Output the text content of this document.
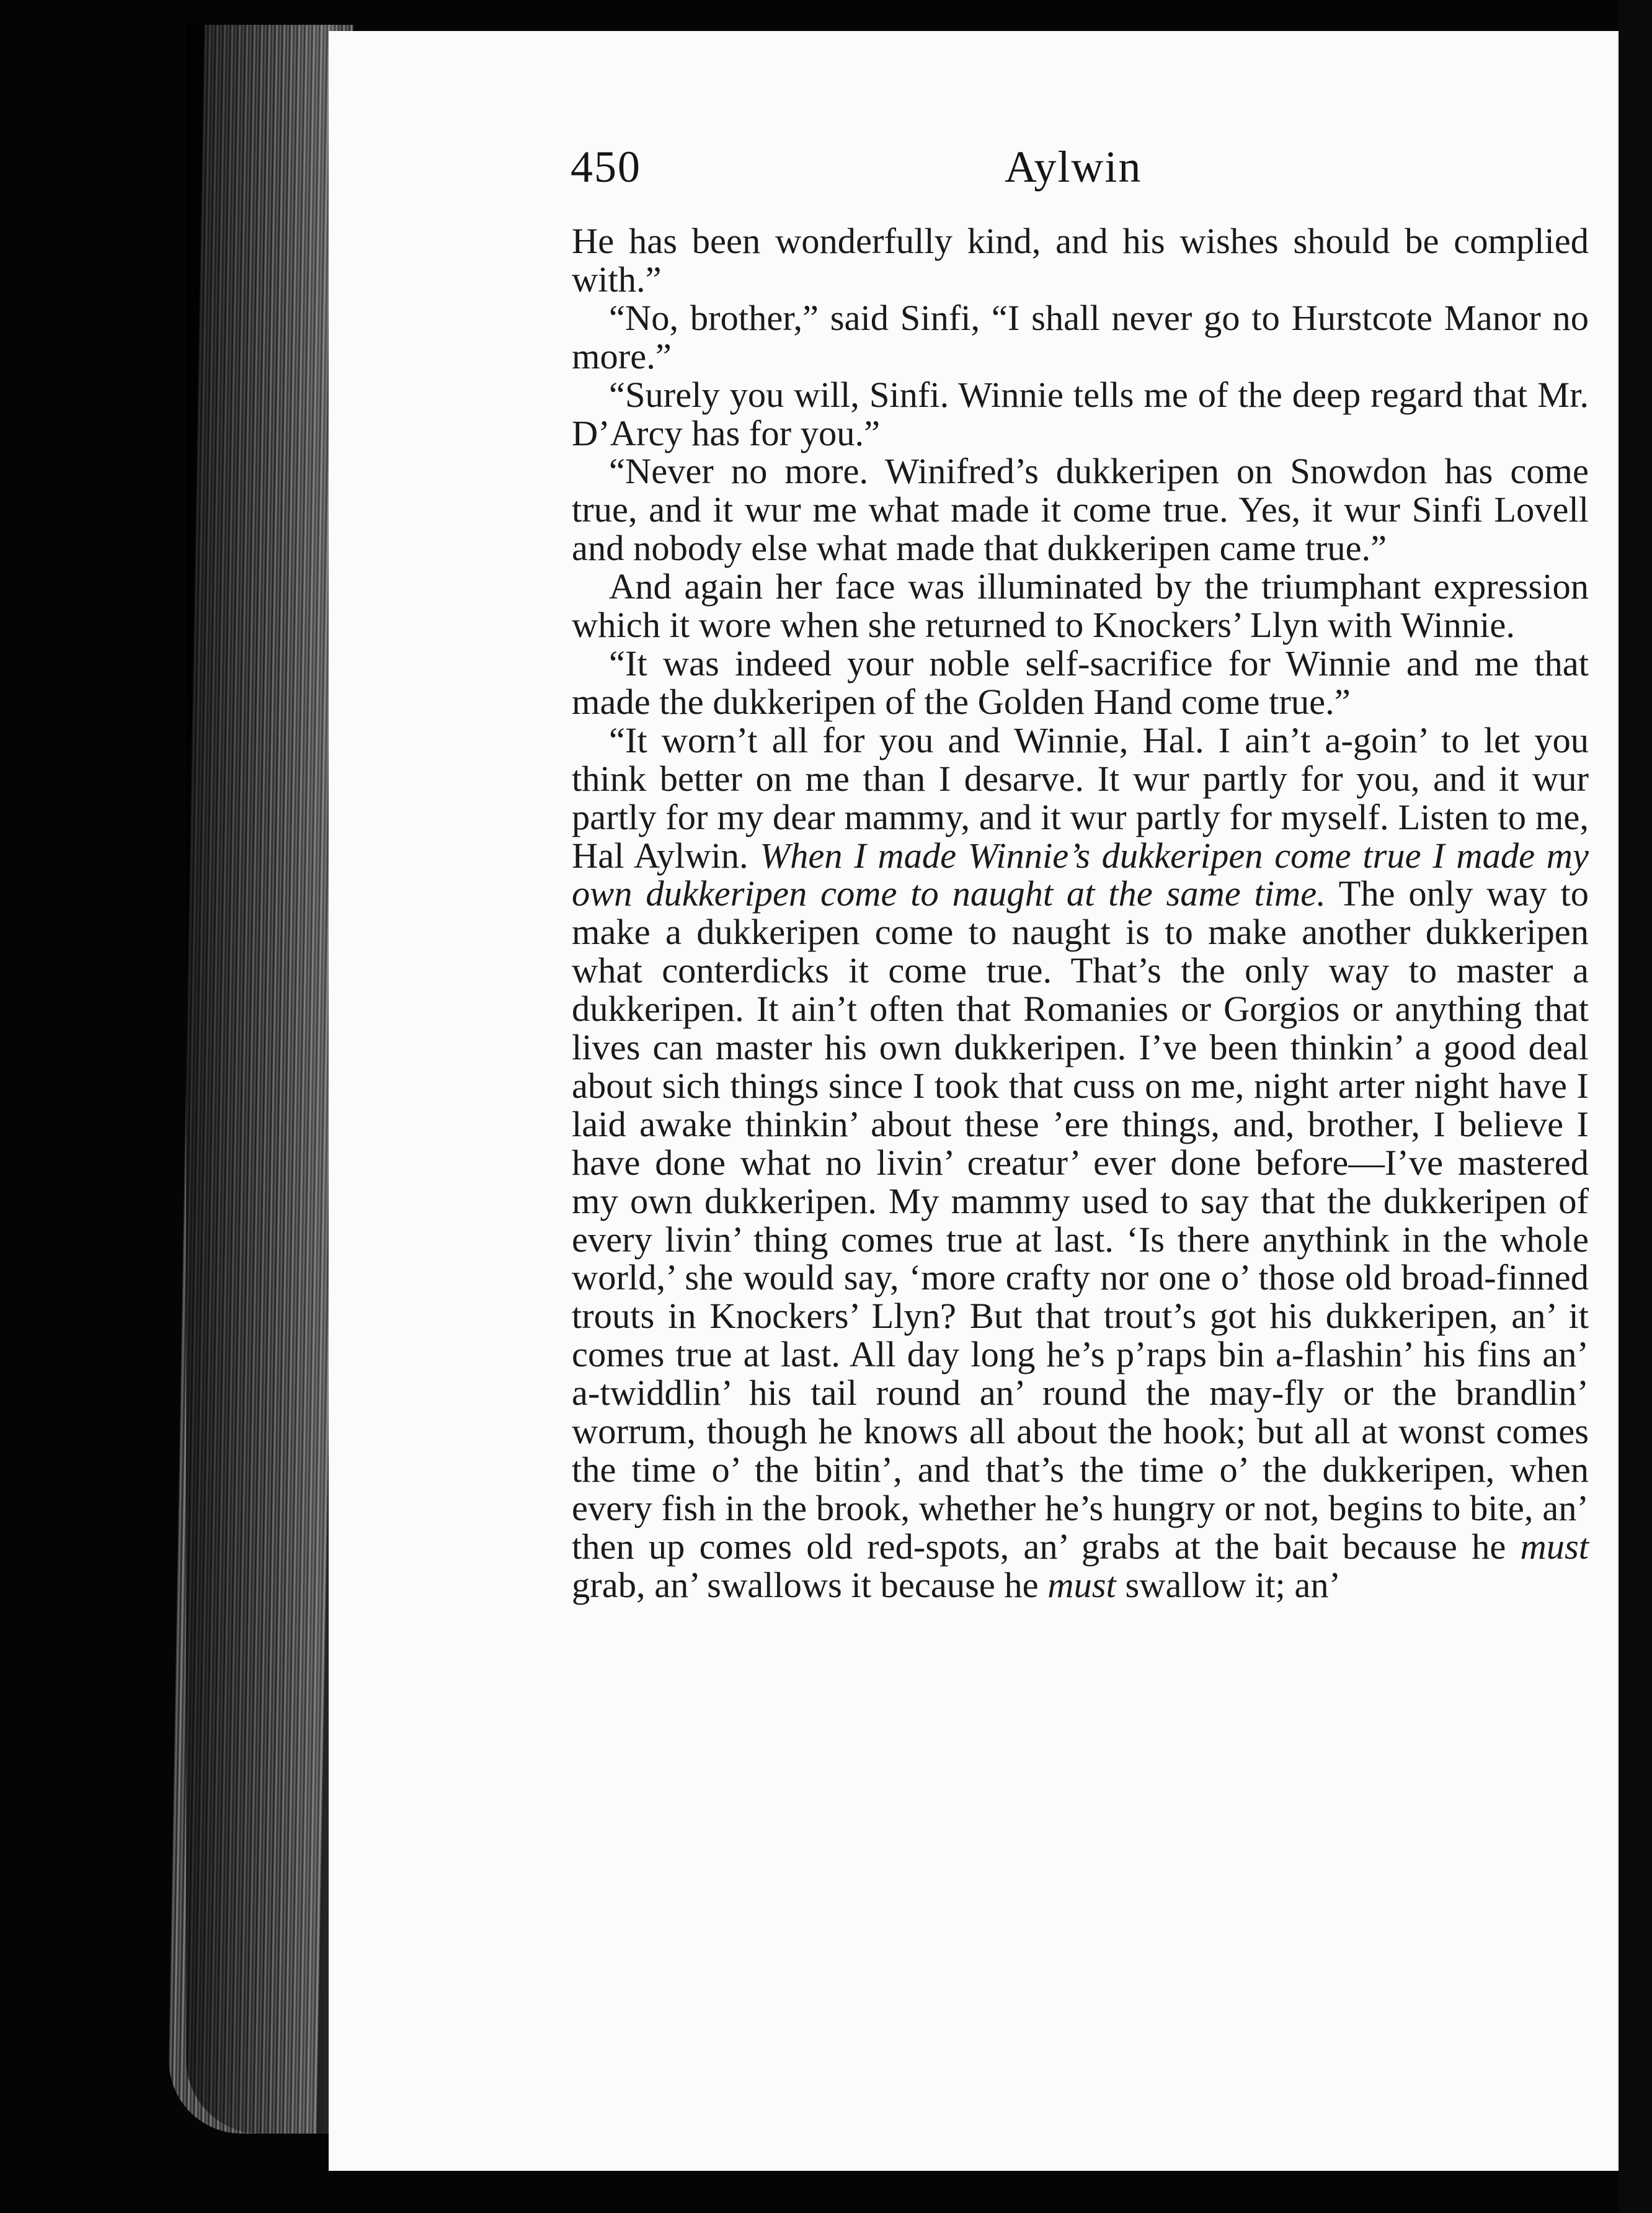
450	Aylwin

He has been wonderfully kind, and his wishes should be complied with.”

“No, brother,” said Sinfi, “I shall never go to Hurstcote Manor no more.”

“Surely you will, Sinfi. Winnie tells me of the deep regard that Mr. D’Arcy has for you.”

“Never no more. Winifred’s dukkeripen on Snowdon has come true, and it wur me what made it come true. Yes, it wur Sinfi Lovell and nobody else what made that dukkeripen came true.”

And again her face was illuminated by the triumphant expression which it wore when she returned to Knockers’ Llyn with Winnie.

“It was indeed your noble self-sacrifice for Winnie and me that made the dukkeripen of the Golden Hand come true.”

“It worn’t all for you and Winnie, Hal. I ain’t a-goin’ to let you think better on me than I desarve. It wur partly for you, and it wur partly for my dear mammy, and it wur partly for myself. Listen to me, Hal Aylwin. When I made Winnie’s dukkeripen come true I made my own dukkeripen come to naught at the same time. The only way to make a dukkeripen come to naught is to make another dukkeripen what conterdicks it come true. That’s the only way to master a dukkeripen. It ain’t often that Romanies or Gorgios or anything that lives can master his own dukkeripen. I’ve been thinkin’ a good deal about sich things since I took that cuss on me, night arter night have I laid awake thinkin’ about these ’ere things, and, brother, I believe I have done what no livin’ creatur’ ever done before—I’ve mastered my own dukkeripen. My mammy used to say that the dukkeripen of every livin’ thing comes true at last. ‘Is there anythink in the whole world,’ she would say, ‘more crafty nor one o’ those old broad-finned trouts in Knockers’ Llyn? But that trout’s got his dukkeripen, an’ it comes true at last. All day long he’s p’raps bin a-flashin’ his fins an’ a-twiddlin’ his tail round an’ round the may-fly or the brandlin’ worrum, though he knows all about the hook; but all at wonst comes the time o’ the bitin’, and that’s the time o’ the dukkeripen, when every fish in the brook, whether he’s hungry or not, begins to bite, an’ then up comes old red-spots, an’ grabs at the bait because he must grab, an’ swallows it because he must swallow it; an’
